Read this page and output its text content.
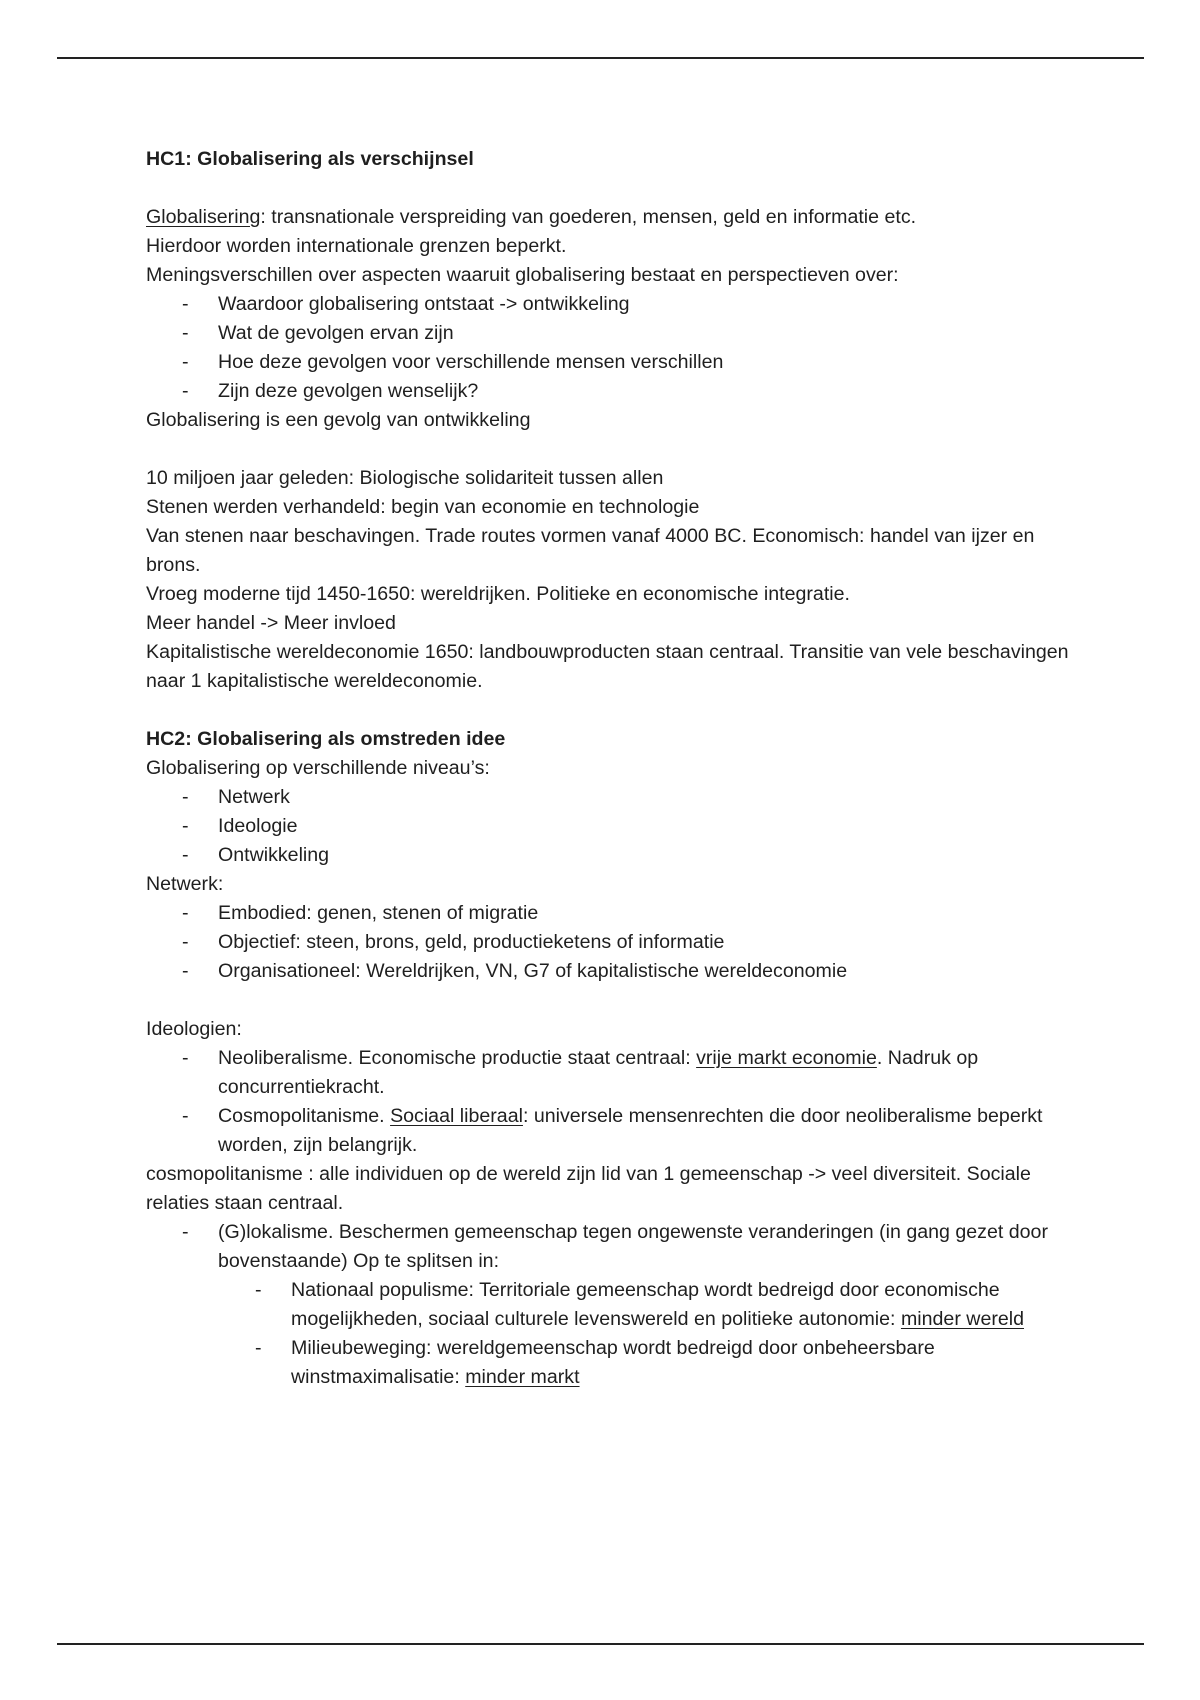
HC1: Globalisering als verschijnsel

Globalisering: transnationale verspreiding van goederen, mensen, geld en informatie etc.

Hierdoor worden internationale grenzen beperkt.

Meningsverschillen over aspecten waaruit globalisering bestaat en perspectieven over:

- Waardoor globalisering ontstaat -> ontwikkeling
- Wat de gevolgen ervan zijn
- Hoe deze gevolgen voor verschillende mensen verschillen
- Zijn deze gevolgen wenselijk?

Globalisering is een gevolg van ontwikkeling

10 miljoen jaar geleden: Biologische solidariteit tussen allen

Stenen werden verhandeld: begin van economie en technologie

Van stenen naar beschavingen. Trade routes vormen vanaf 4000 BC. Economisch: handel van ijzer en brons.

Vroeg moderne tijd 1450-1650: wereldrijken. Politieke en economische integratie.

Meer handel -> Meer invloed

Kapitalistische wereldeconomie 1650: landbouwproducten staan centraal. Transitie van vele beschavingen naar 1 kapitalistische wereldeconomie.

HC2: Globalisering als omstreden idee

Globalisering op verschillende niveau’s:

- Netwerk
- Ideologie
- Ontwikkeling

Netwerk:

- Embodied: genen, stenen of migratie
- Objectief: steen, brons, geld, productieketens of informatie
- Organisationeel: Wereldrijken, VN, G7 of kapitalistische wereldeconomie

Ideologien:

- Neoliberalisme. Economische productie staat centraal: vrije markt economie. Nadruk op concurrentiekracht.
- Cosmopolitanisme. Sociaal liberaal: universele mensenrechten die door neoliberalisme beperkt worden, zijn belangrijk.

cosmopolitanisme : alle individuen op de wereld zijn lid van 1 gemeenschap -> veel diversiteit. Sociale relaties staan centraal.

- (G)lokalisme. Beschermen gemeenschap tegen ongewenste veranderingen (in gang gezet door bovenstaande) Op te splitsen in:
- Nationaal populisme: Territoriale gemeenschap wordt bedreigd door economische mogelijkheden, sociaal culturele levenswereld en politieke autonomie: minder wereld
- Milieubeweging: wereldgemeenschap wordt bedreigd door onbeheersbare winstmaximalisatie: minder markt
